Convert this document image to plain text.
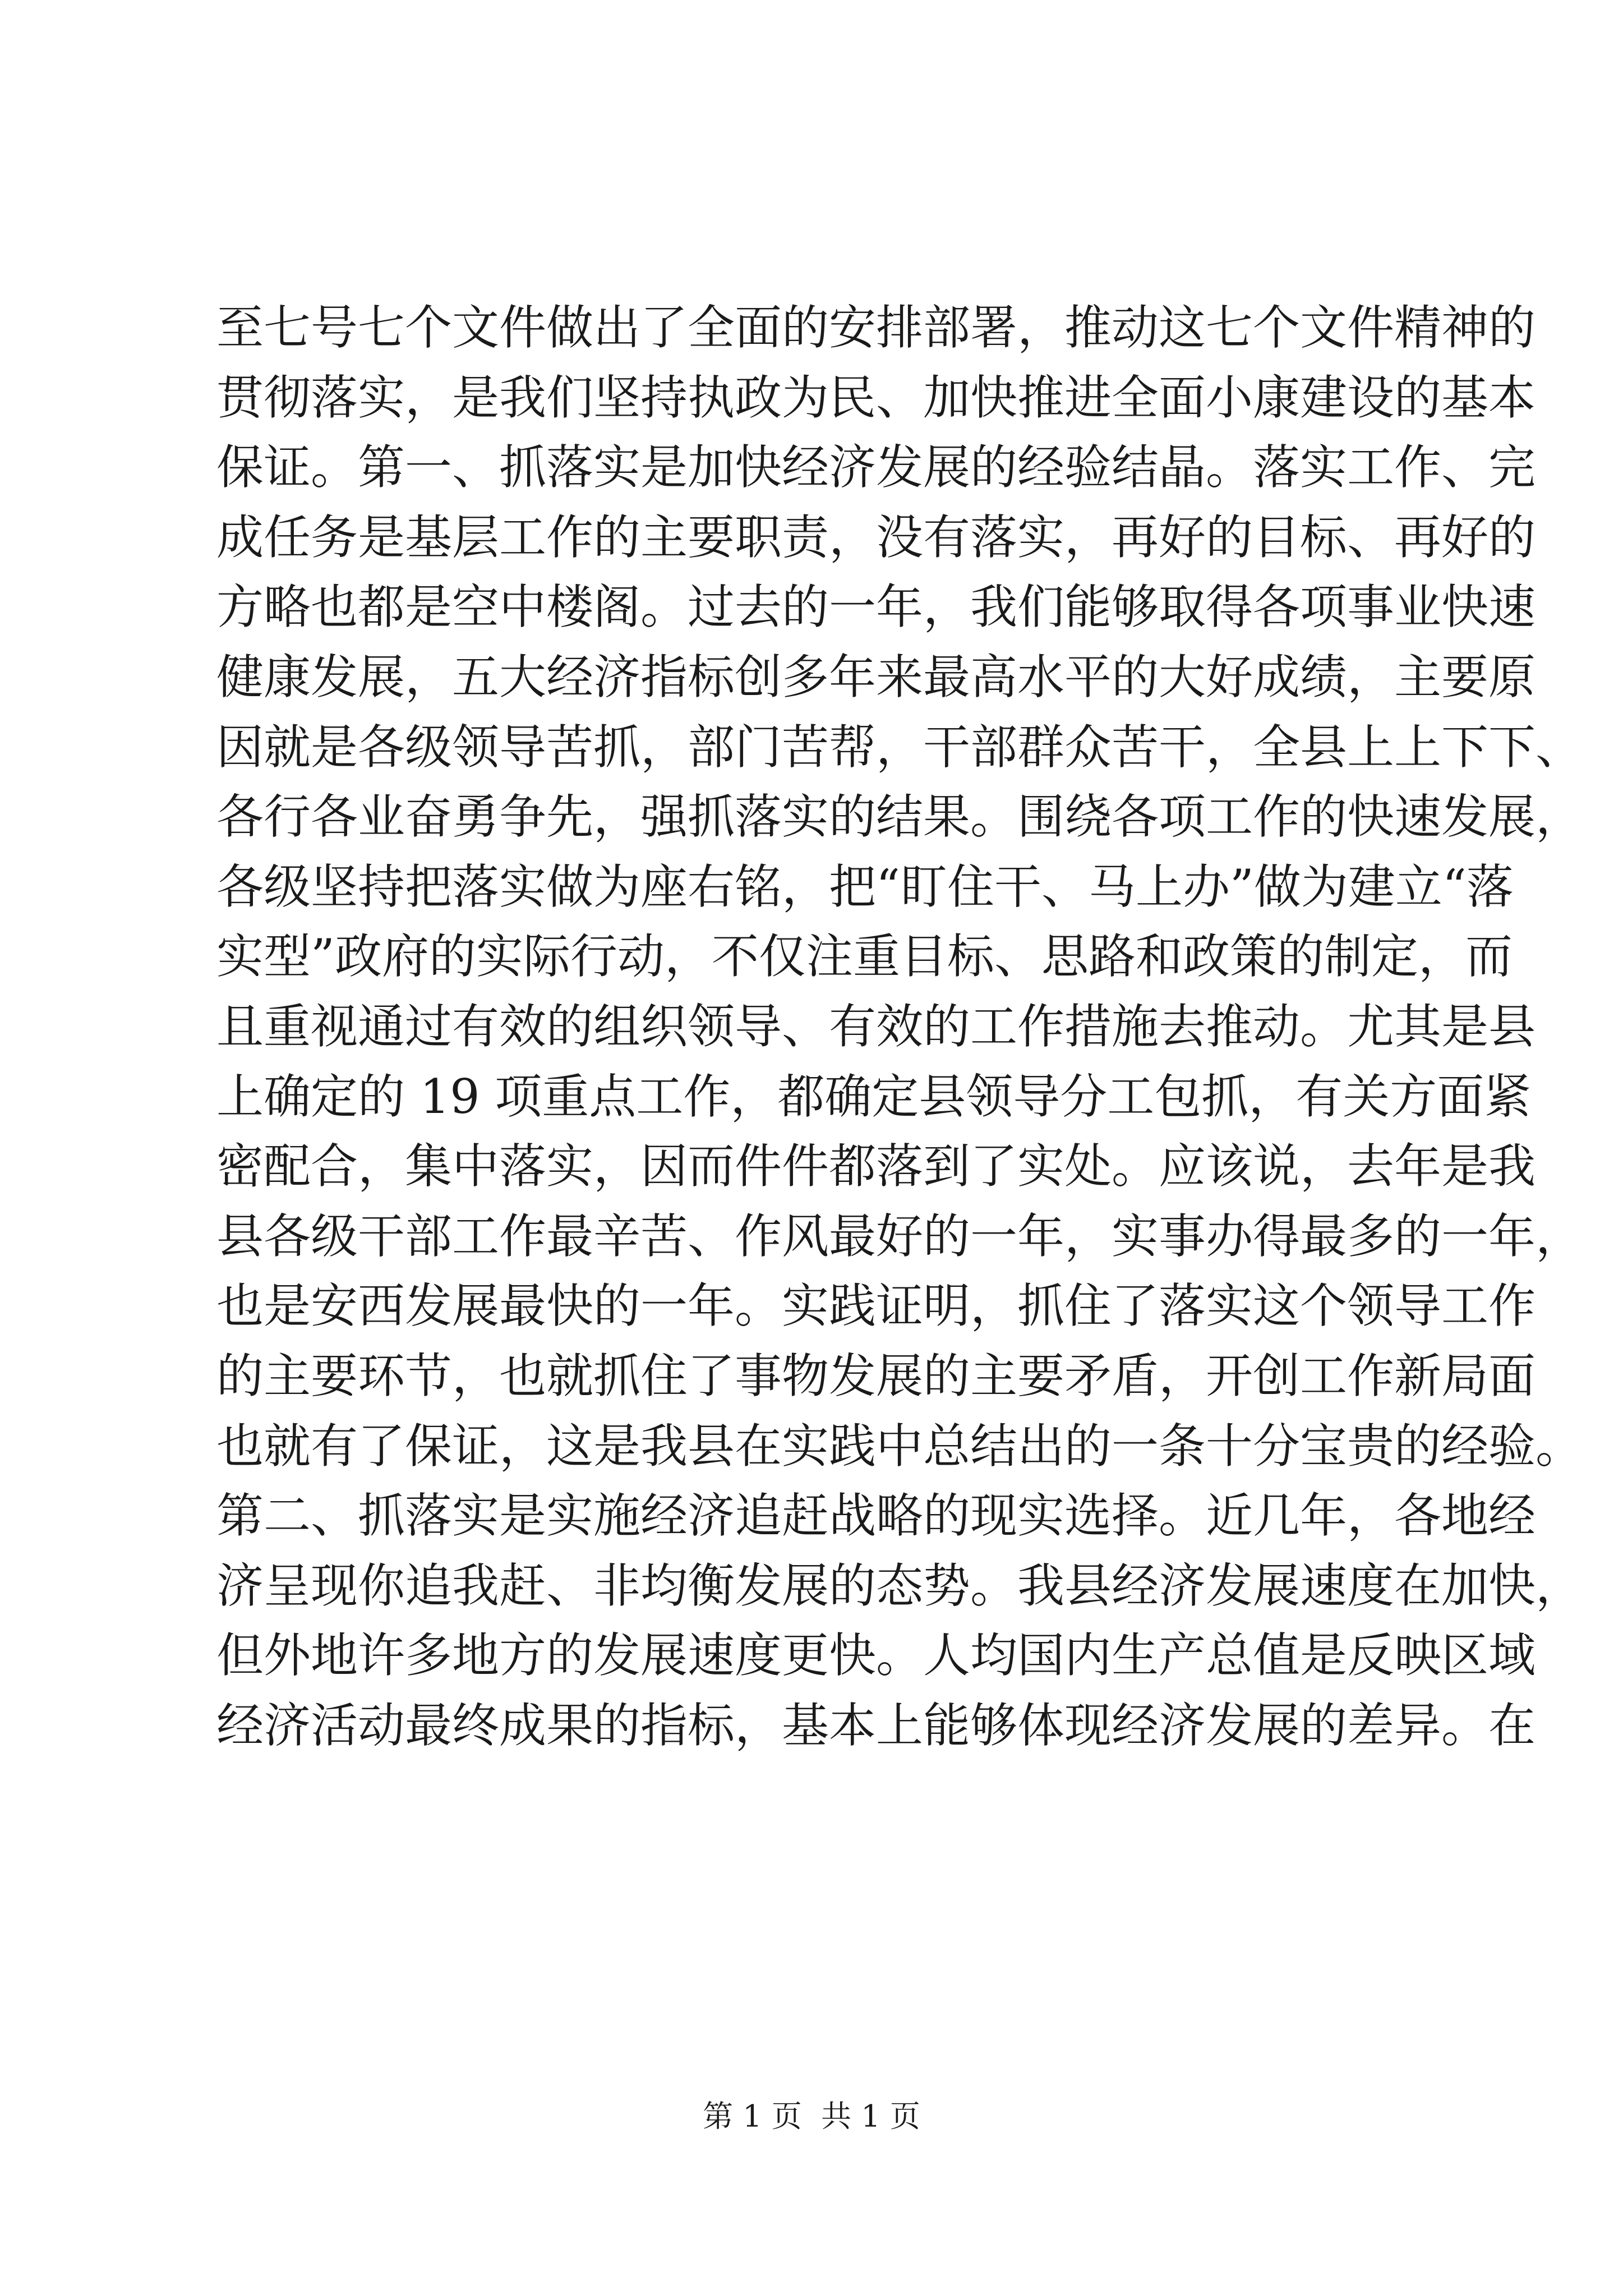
至七号七个文件做出了全面的安排部署，推动这七个文件精神的
贯彻落实，是我们坚持执政为民、加快推进全面小康建设的基本
保证。第一、抓落实是加快经济发展的经验结晶。落实工作、完
成任务是基层工作的主要职责，没有落实，再好的目标、再好的
方略也都是空中楼阁。过去的一年，我们能够取得各项事业快速
健康发展，五大经济指标创多年来最高水平的大好成绩，主要原
因就是各级领导苦抓，部门苦帮，干部群众苦干，全县上上下下、
各行各业奋勇争先，强抓落实的结果。围绕各项工作的快速发展，
各级坚持把落实做为座右铭，把“盯住干、马上办”做为建立“落
实型”政府的实际行动，不仅注重目标、思路和政策的制定，而
且重视通过有效的组织领导、有效的工作措施去推动。尤其是县
上确定的 19 项重点工作，都确定县领导分工包抓，有关方面紧
密配合，集中落实，因而件件都落到了实处。应该说，去年是我
县各级干部工作最辛苦、作风最好的一年，实事办得最多的一年，
也是安西发展最快的一年。实践证明，抓住了落实这个领导工作
的主要环节，也就抓住了事物发展的主要矛盾，开创工作新局面
也就有了保证，这是我县在实践中总结出的一条十分宝贵的经验。
第二、抓落实是实施经济追赶战略的现实选择。近几年，各地经
济呈现你追我赶、非均衡发展的态势。我县经济发展速度在加快，
但外地许多地方的发展速度更快。人均国内生产总值是反映区域
经济活动最终成果的指标，基本上能够体现经济发展的差异。在
第 1 页  共 1 页
